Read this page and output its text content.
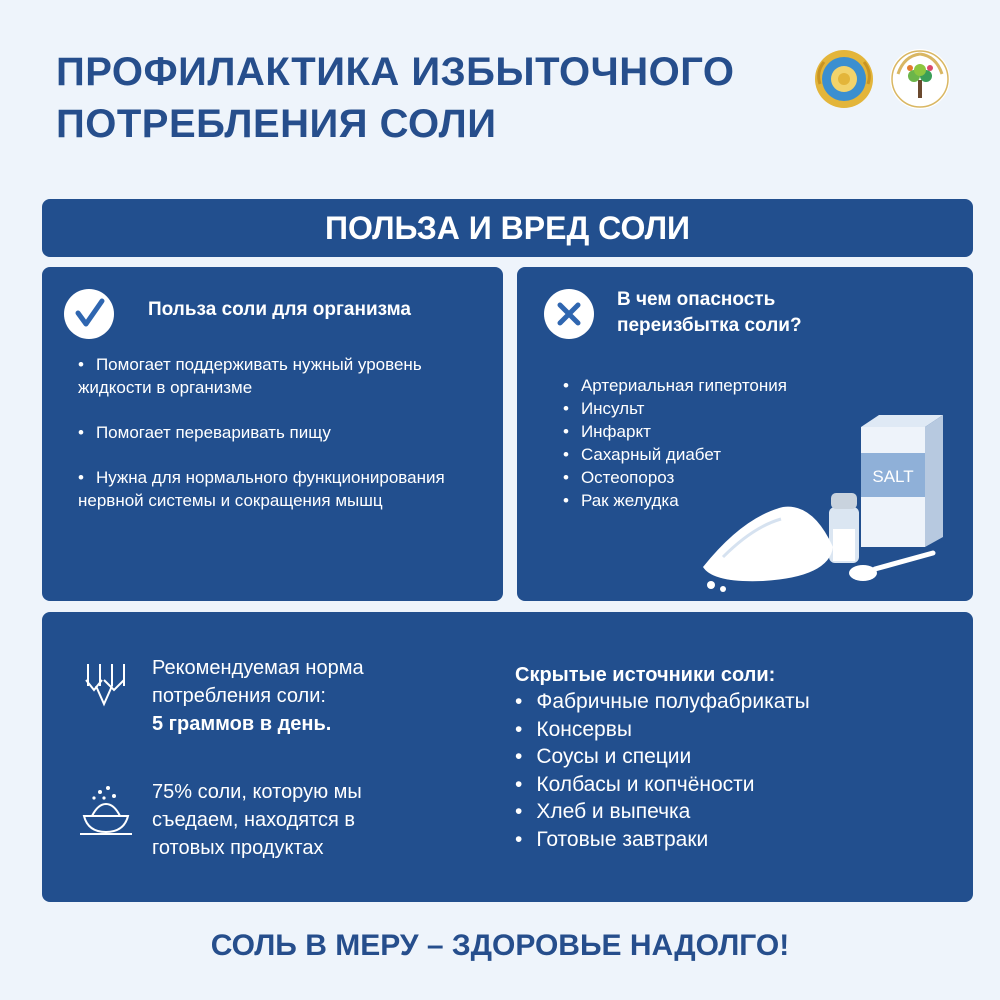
ПРОФИЛАКТИКА ИЗБЫТОЧНОГО
ПОТРЕБЛЕНИЯ СОЛИ
ПОЛЬЗА И ВРЕД СОЛИ
Польза соли для организма
• Помогает поддерживать нужный уровень жидкости в организме
• Помогает переваривать пищу
• Нужна для нормального функционирования нервной системы и сокращения мышц
В чем опасность
переизбытка соли?
• Артериальная гипертония
• Инсульт
• Инфаркт
• Сахарный диабет
• Остеопороз
• Рак желудка
SALT
Рекомендуемая норма
потребления соли:
5 граммов в день.
75% соли, которую мы
съедаем, находятся в
готовых продуктах
Скрытые источники соли:
• Фабричные полуфабрикаты
• Консервы
• Соусы и специи
• Колбасы и копчёности
• Хлеб и выпечка
• Готовые завтраки
СОЛЬ В МЕРУ – ЗДОРОВЬЕ НАДОЛГО!
